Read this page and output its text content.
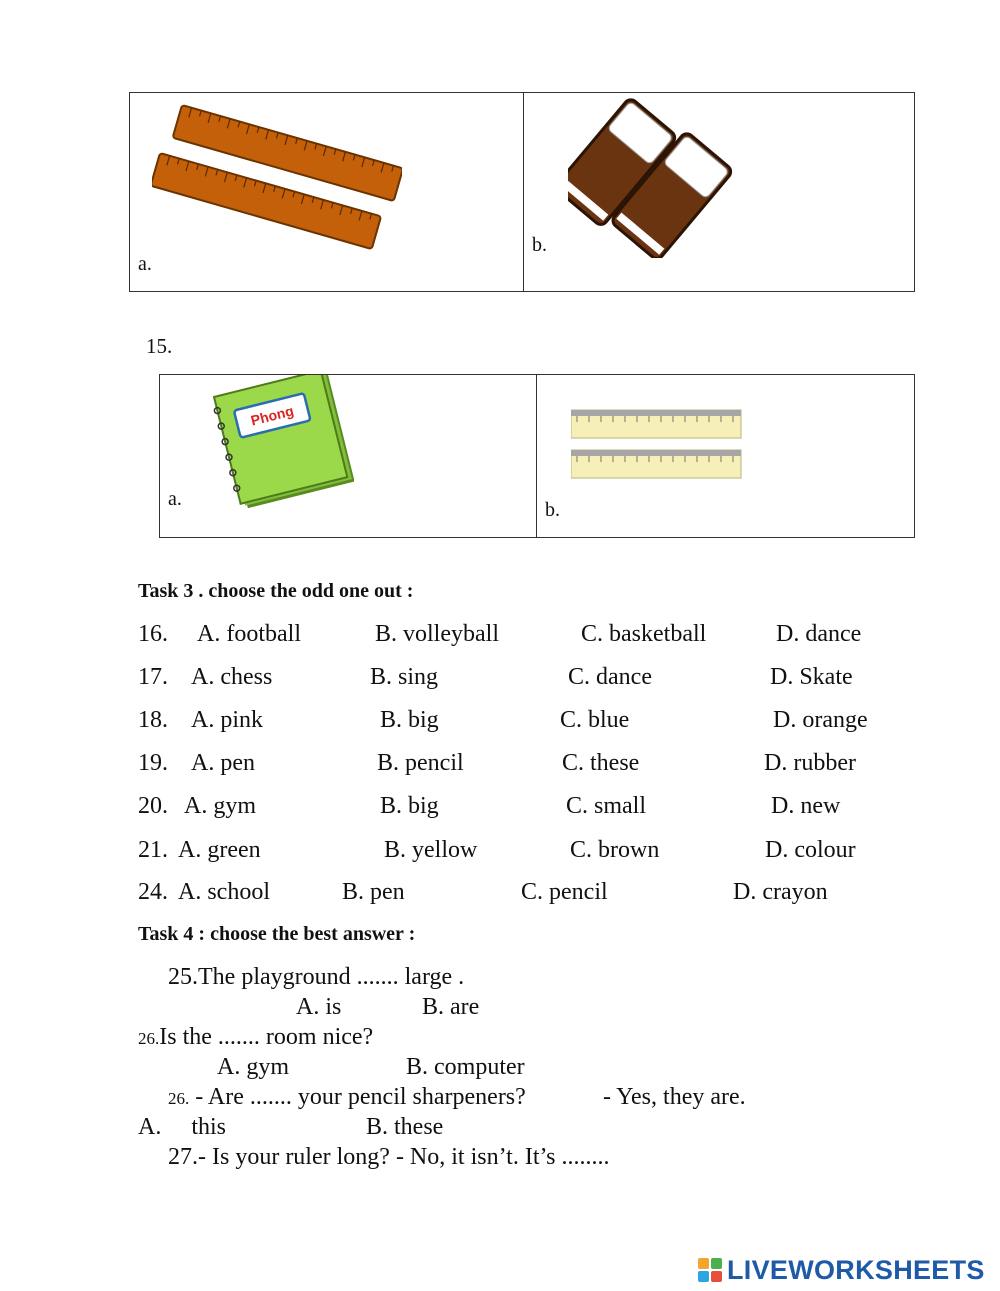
a.
b.
15.
Phong
a.	b.
Task 3 . choose the odd one out :
16. A. football	B. volleyball	C. basketball	D. dance
17. A. chess	B. sing	C. dance	D. Skate
18. A. pink	B. big	C. blue	D. orange
19. A. pen	B. pencil	C. these	D. rubber
20. A. gym	B. big	C. small	D. new
21. A. green	B. yellow	C. brown	D. colour
24. A. school	B. pen	C. pencil	D. crayon
Task 4 : choose the best answer :
25.The playground ....... large .
A. is	B. are
26.Is the ....... room nice?
A. gym	B. computer
26. - Are ....... your pencil sharpeners?	- Yes, they are.
A.     this	B. these
27.- Is your ruler long? - No, it isn’t. It’s ........
LIVEWORKSHEETS
